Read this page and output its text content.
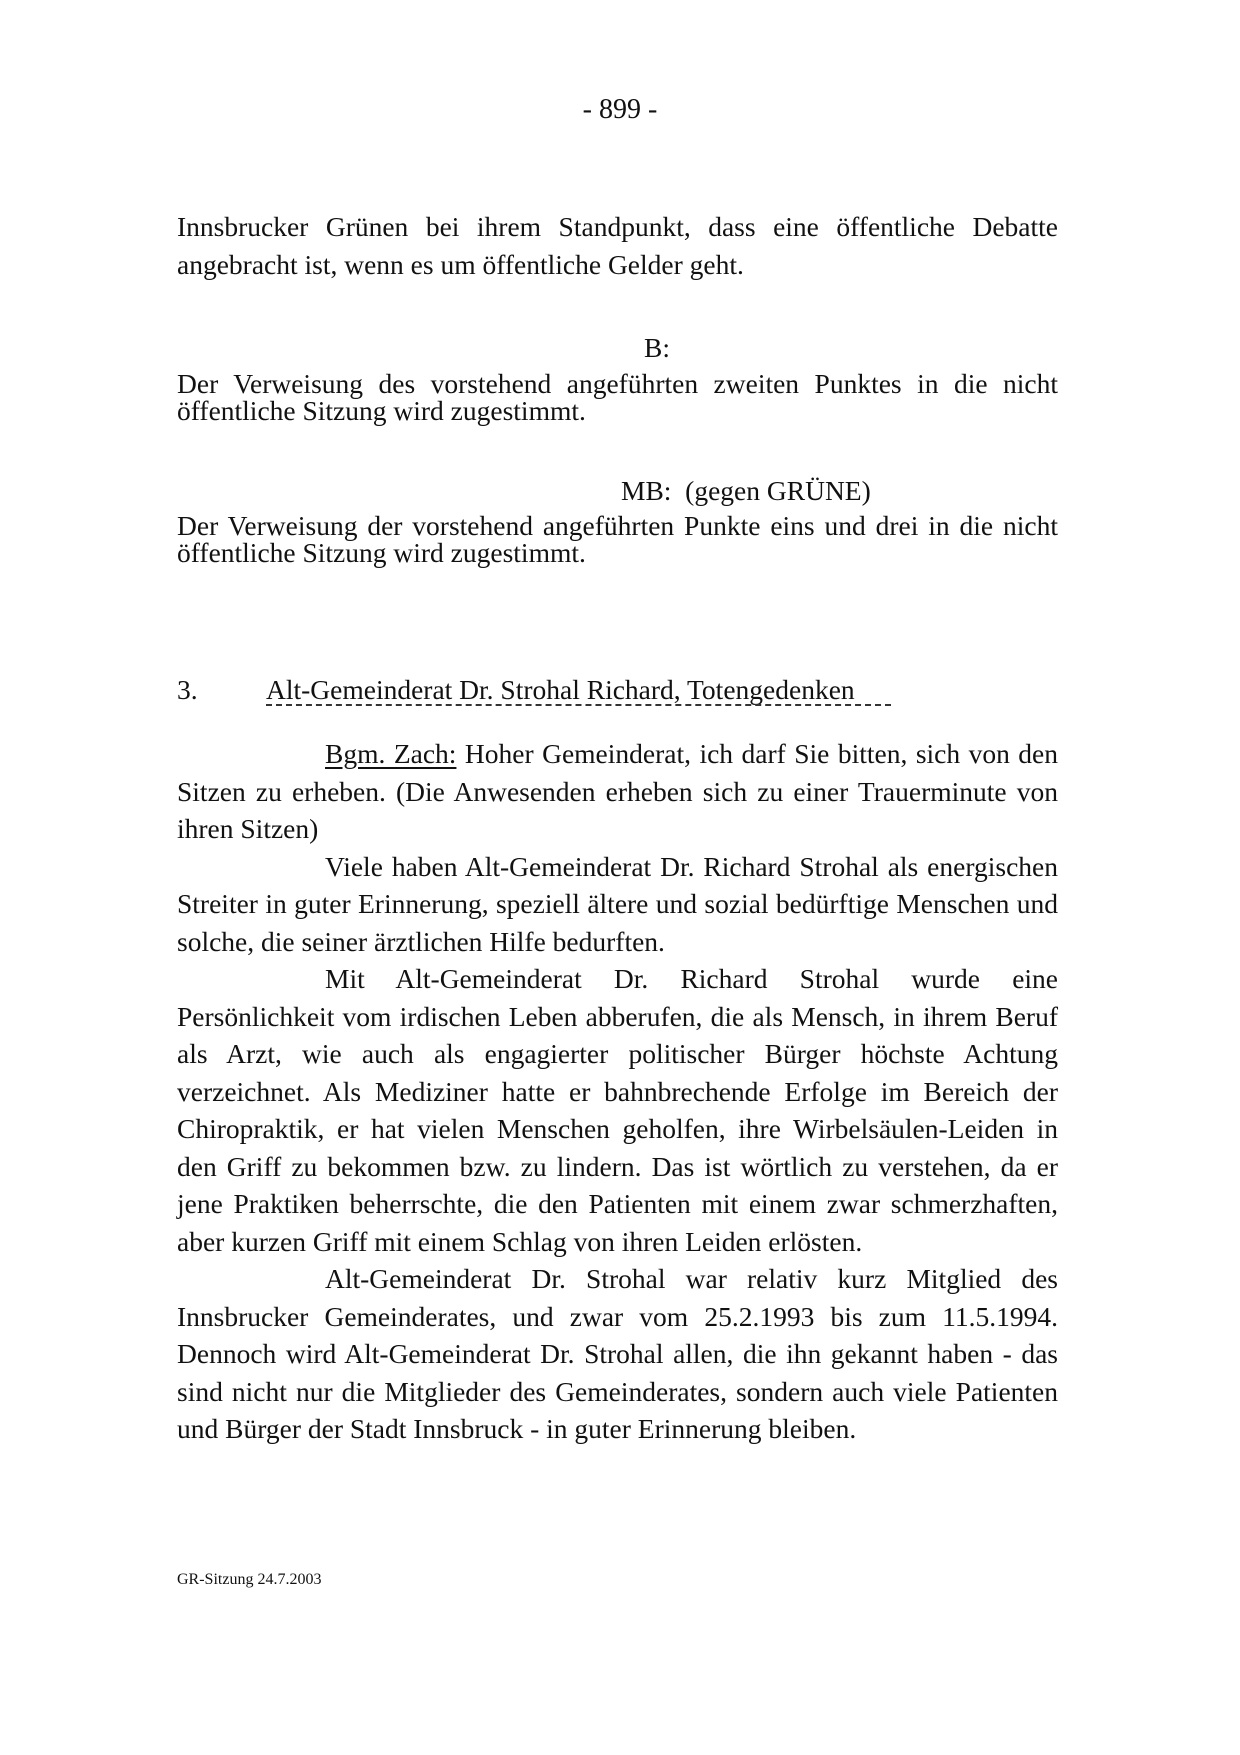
- 899 -

Innsbrucker Grünen bei ihrem Standpunkt, dass eine öffentliche Debatte angebracht ist, wenn es um öffentliche Gelder geht.

B:

Der Verweisung des vorstehend angeführten zweiten Punktes in die nicht öffentliche Sitzung wird zugestimmt.

MB:  (gegen GRÜNE)

Der Verweisung der vorstehend angeführten Punkte eins und drei in die nicht öffentliche Sitzung wird zugestimmt.

3. Alt-Gemeinderat Dr. Strohal Richard, Totengedenken

Bgm. Zach: Hoher Gemeinderat, ich darf Sie bitten, sich von den Sitzen zu erheben. (Die Anwesenden erheben sich zu einer Trauerminute von ihren Sitzen)

Viele haben Alt-Gemeinderat Dr. Richard Strohal als energischen Streiter in guter Erinnerung, speziell ältere und sozial bedürftige Menschen und solche, die seiner ärztlichen Hilfe bedurften.

Mit Alt-Gemeinderat Dr. Richard Strohal wurde eine Persönlichkeit vom irdischen Leben abberufen, die als Mensch, in ihrem Beruf als Arzt, wie auch als engagierter politischer Bürger höchste Achtung verzeichnet. Als Mediziner hatte er bahnbrechende Erfolge im Bereich der Chiropraktik, er hat vielen Menschen geholfen, ihre Wirbelsäulen-Leiden in den Griff zu bekommen bzw. zu lindern. Das ist wörtlich zu verstehen, da er jene Praktiken beherrschte, die den Patienten mit einem zwar schmerzhaften, aber kurzen Griff mit einem Schlag von ihren Leiden erlösten.

Alt-Gemeinderat Dr. Strohal war relativ kurz Mitglied des Innsbrucker Gemeinderates, und zwar vom 25.2.1993 bis zum 11.5.1994. Dennoch wird Alt-Gemeinderat Dr. Strohal allen, die ihn gekannt haben - das sind nicht nur die Mitglieder des Gemeinderates, sondern auch viele Patienten und Bürger der Stadt Innsbruck - in guter Erinnerung bleiben.

GR-Sitzung 24.7.2003
